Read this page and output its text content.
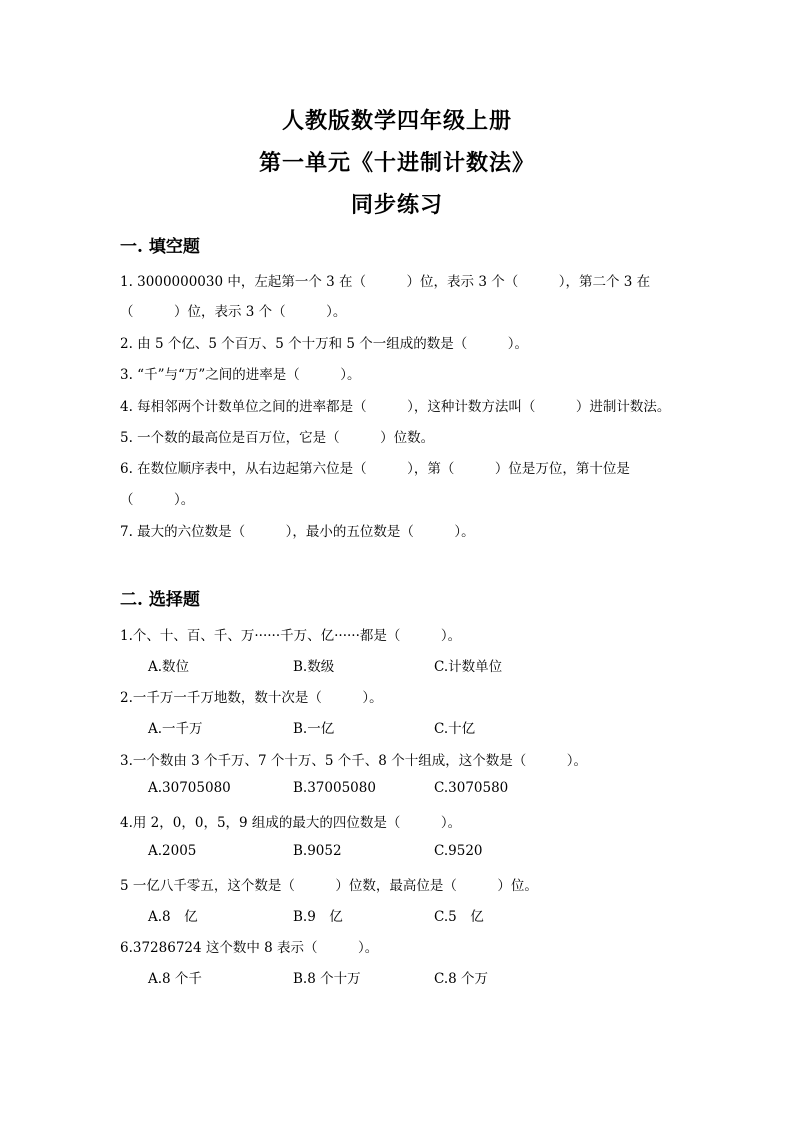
人教版数学四年级上册
第一单元《十进制计数法》
同步练习
一. 填空题
1. 3000000030 中，左起第一个 3 在（　　　）位，表示 3 个（　　　），第二个 3 在
（　　　）位，表示 3 个（　　　）。
2. 由 5 个亿、5 个百万、5 个十万和 5 个一组成的数是（　　　）。
3. “千”与“万”之间的进率是（　　　）。
4. 每相邻两个计数单位之间的进率都是（　　　），这种计数方法叫（　　　）进制计数法。
5. 一个数的最高位是百万位，它是（　　　）位数。
6. 在数位顺序表中，从右边起第六位是（　　　），第（　　　）位是万位，第十位是
（　　　）。
7. 最大的六位数是（　　　），最小的五位数是（　　　）。
二. 选择题
1.个、十、百、千、万······千万、亿······都是（　　　）。
A.数位	B.数级	C.计数单位
2.一千万一千万地数，数十次是（　　　）。
A.一千万	B.一亿	C.十亿
3.一个数由 3 个千万、7 个十万、5 个千、8 个十组成，这个数是（　　　）。
A.30705080	B.37005080	C.3070580
4.用 2，0，0，5，9 组成的最大的四位数是（　　　）。
A.2005	B.9052	C.9520
5 一亿八千零五，这个数是（　　　）位数，最高位是（　　　）位。
A.8　亿	B.9　亿	C.5　亿
6.37286724 这个数中 8 表示（　　　）。
A.8 个千	B.8 个十万	C.8 个万
